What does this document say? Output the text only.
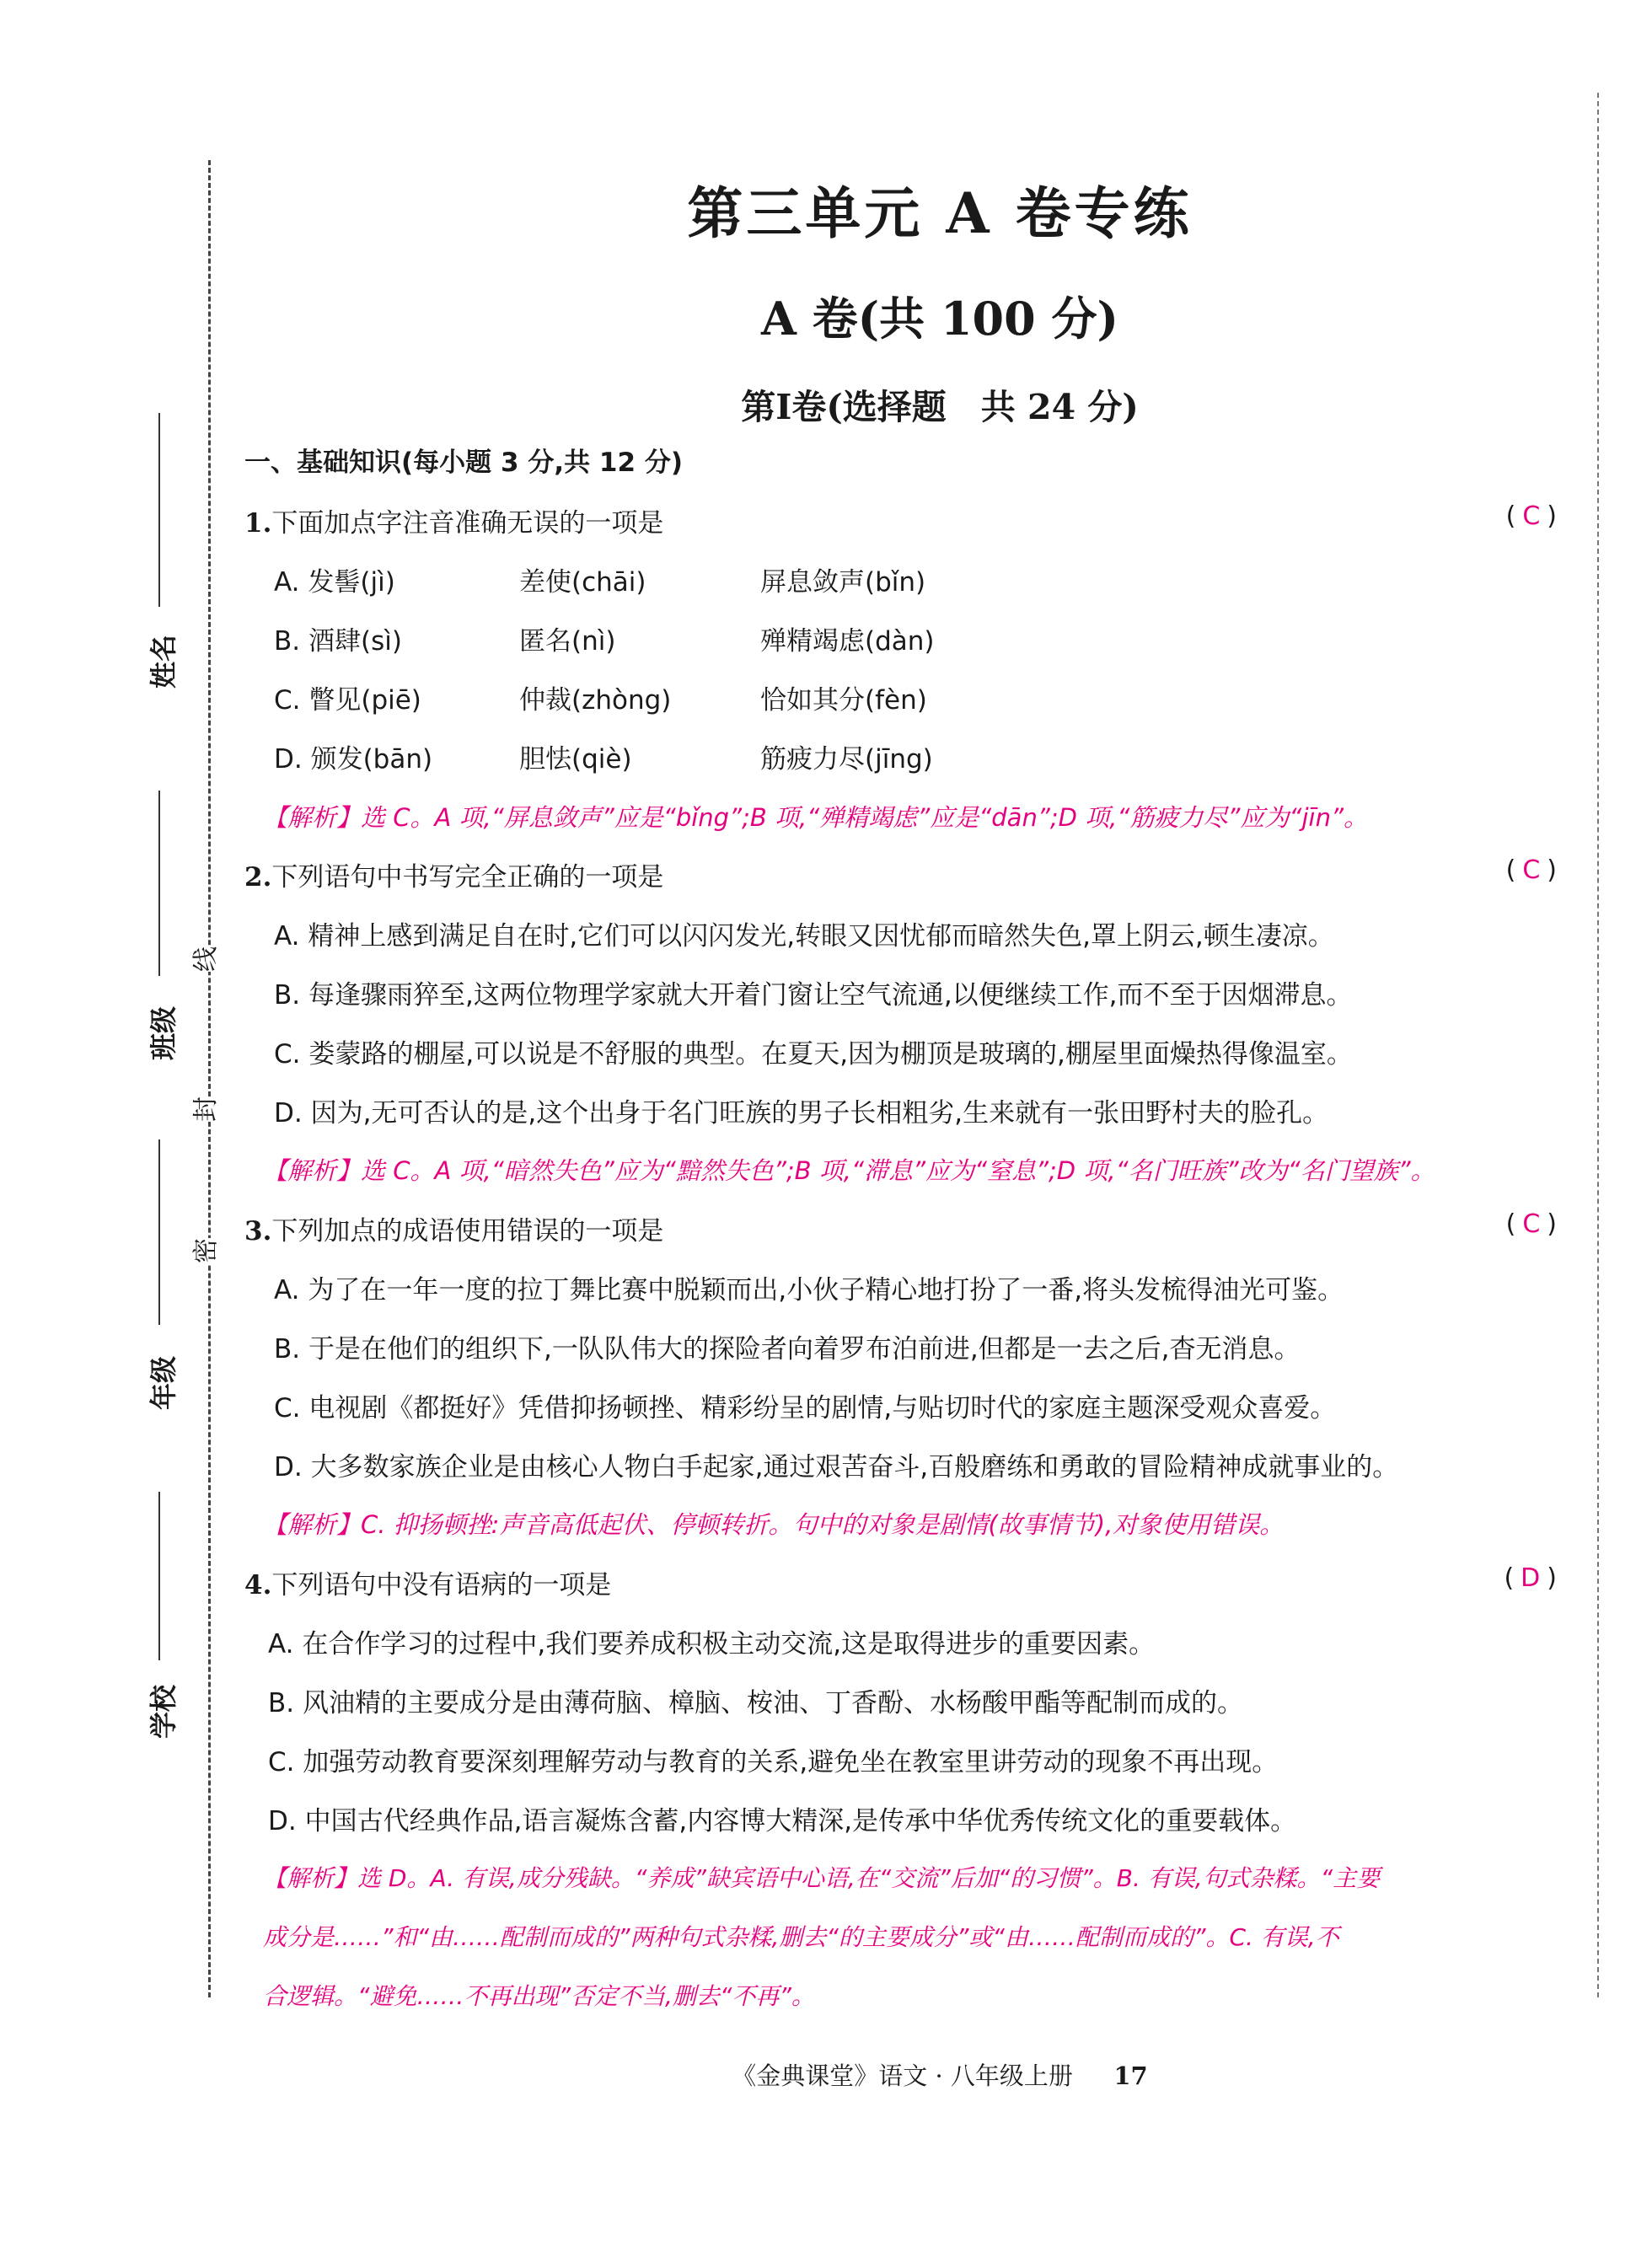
姓名
班级
年级
学校
线
封
密
第三单元 A 卷专练
A 卷(共 100 分)
第Ⅰ卷(选择题　共 24 分)
一、基础知识(每小题 3 分,共 12 分)
1.下面加点字注音准确无误的一项是	(C)
A. 发髻(jì)	差使(chāi)	屏息敛声(bǐn)
B. 酒肆(sì)	匿名(nì)	殚精竭虑(dàn)
C. 瞥见(piē)	仲裁(zhòng)	恰如其分(fèn)
D. 颁发(bān)	胆怯(qiè)	筋疲力尽(jīng)
【解析】选 C。A 项,“屏息敛声”应是“bǐng”;B 项,“殚精竭虑”应是“dān”;D 项,“筋疲力尽”应为“jīn”。
2.下列语句中书写完全正确的一项是	(C)
A. 精神上感到满足自在时,它们可以闪闪发光,转眼又因忧郁而暗然失色,罩上阴云,顿生凄凉。
B. 每逢骤雨猝至,这两位物理学家就大开着门窗让空气流通,以便继续工作,而不至于因烟滞息。
C. 娄蒙路的棚屋,可以说是不舒服的典型。在夏天,因为棚顶是玻璃的,棚屋里面燥热得像温室。
D. 因为,无可否认的是,这个出身于名门旺族的男子长相粗劣,生来就有一张田野村夫的脸孔。
【解析】选 C。A 项,“暗然失色”应为“黯然失色”;B 项,“滞息”应为“窒息”;D 项,“名门旺族”改为“名门望族”。
3.下列加点的成语使用错误的一项是	(C)
A. 为了在一年一度的拉丁舞比赛中脱颖而出,小伙子精心地打扮了一番,将头发梳得油光可鉴。
B. 于是在他们的组织下,一队队伟大的探险者向着罗布泊前进,但都是一去之后,杳无消息。
C. 电视剧《都挺好》凭借抑扬顿挫、精彩纷呈的剧情,与贴切时代的家庭主题深受观众喜爱。
D. 大多数家族企业是由核心人物白手起家,通过艰苦奋斗,百般磨练和勇敢的冒险精神成就事业的。
【解析】C. 抑扬顿挫:声音高低起伏、停顿转折。句中的对象是剧情(故事情节),对象使用错误。
4.下列语句中没有语病的一项是	(D)
A. 在合作学习的过程中,我们要养成积极主动交流,这是取得进步的重要因素。
B. 风油精的主要成分是由薄荷脑、樟脑、桉油、丁香酚、水杨酸甲酯等配制而成的。
C. 加强劳动教育要深刻理解劳动与教育的关系,避免坐在教室里讲劳动的现象不再出现。
D. 中国古代经典作品,语言凝炼含蓄,内容博大精深,是传承中华优秀传统文化的重要载体。
【解析】选 D。A. 有误,成分残缺。“养成”缺宾语中心语,在“交流”后加“的习惯”。B. 有误,句式杂糅。“主要
成分是……”和“由……配制而成的”两种句式杂糅,删去“的主要成分”或“由……配制而成的”。C. 有误,不
合逻辑。“避免……不再出现”否定不当,删去“不再”。
《金典课堂》语文 · 八年级上册 17
